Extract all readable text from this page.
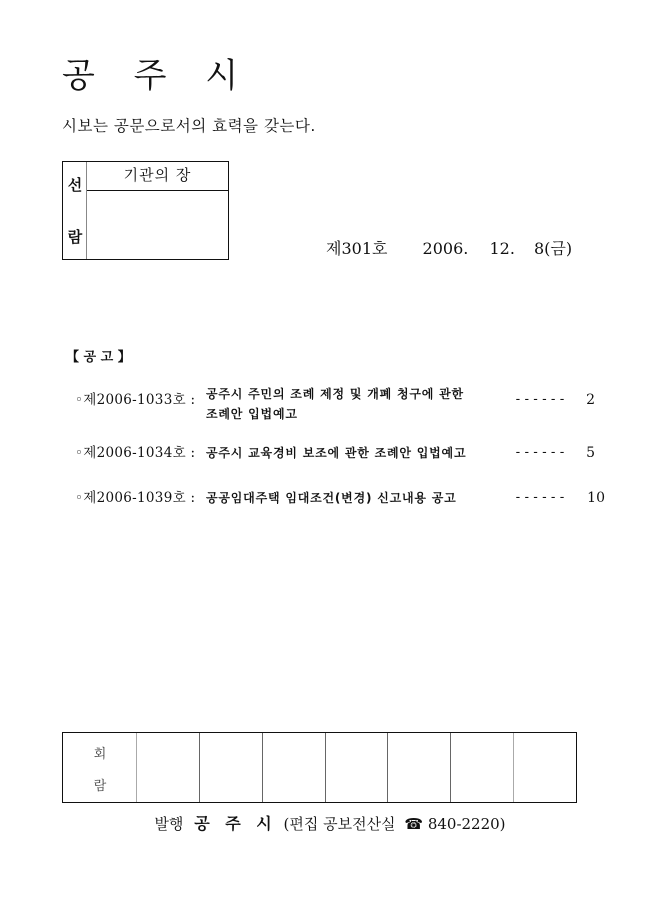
공 주 시
시보는 공문으로서의 효력을 갖는다.
선
람
기관의 장
제301호 2006. 12. 8(금)
【 공 고 】
◦제2006-1033호 : 공주시 주민의 조례 제정 및 개폐 청구에 관한
조례안 입법예고
------	2
◦제2006-1034호 : 공주시 교육경비 보조에 관한 조례안 입법예고	------	5
◦제2006-1039호 : 공공임대주택 임대조건(변경) 신고내용 공고	------	10
회
람
발행 공 주 시 (편집 공보전산실 ☎ 840-2220)
